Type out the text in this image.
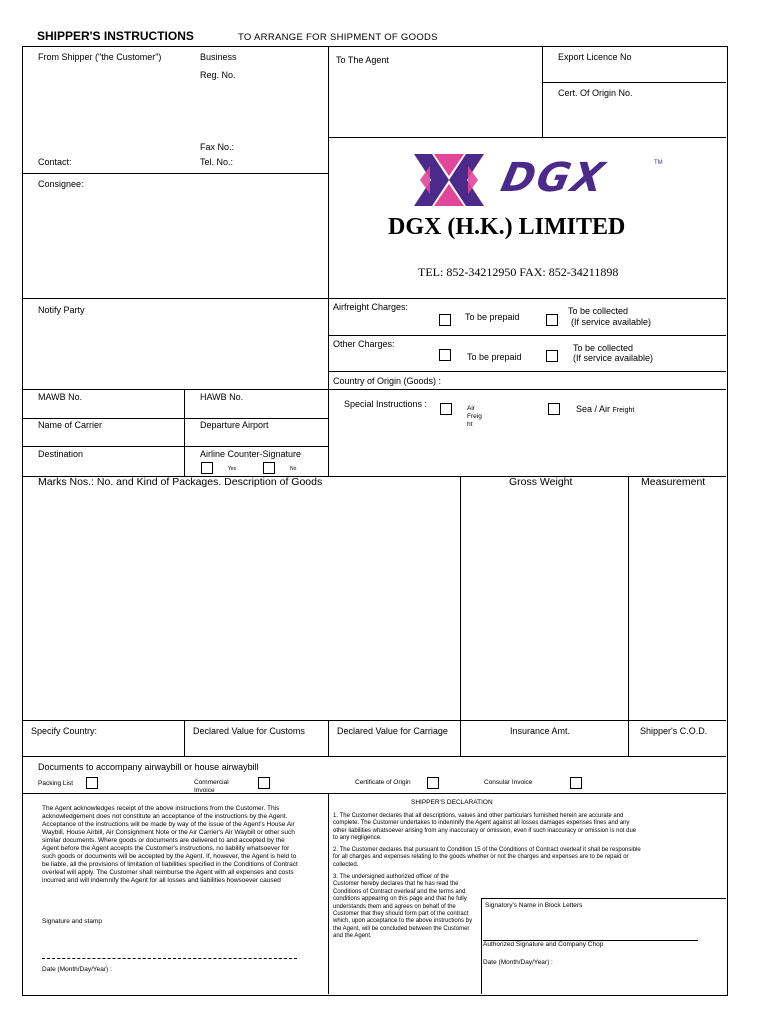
SHIPPER'S INSTRUCTIONS	TO ARRANGE FOR SHIPMENT OF GOODS
From Shipper ("the Customer")	Business
Reg. No.
Fax No.:
Contact:	Tel. No.:
To The Agent	Export Licence No
Cert. Of Origin No.
DGX	TM
DGX (H.K.) LIMITED
TEL: 852-34212950 FAX: 852-34211898
Consignee:
Notify Party	Airfreight Charges:
To be prepaid
To be collected
(If service available)
Other Charges:
To be prepaid
To be collected
(If service available)
Country of Origin (Goods) :
MAWB No.	HAWB No.
Name of Carrier	Departure Airport
Destination	Airline Counter-Signature
Yes	No
Special Instructions :	Air
Freig
ht
Sea / Air Freight
Marks Nos.: No. and Kind of Packages. Description of Goods	Gross Weight	Measurement
Specify Country:	Declared Value for Customs	Declared Value for Carriage	Insurance Amt.	Shipper's C.O.D.
Documents to accompany airwaybill or house airwaybill
Packing List	Commercial
Invoice
Certificate of Origin	Consular Invoice
The Agent acknowledges receipt of the above instructions from the Customer. This acknowledgement does not constitute an acceptance of the instructions by the Agent. Acceptance of the instructions will be made by way of the issue of the Agent's House Air Waybill, House Airbill, Air Consignment Note or the Air Carrier's Air Waybill or other such similar documents. Where goods or documents are delivered to and accepted by the Agent before the Agent accepts the Customer's instructions, no liability whatsoever for such goods or documents will be accepted by the Agent. If, however, the Agent is held to be liable, all the provisions of limitation of liabilities specified in the Conditions of Contract overleaf will apply. The Customer shall reimburse the Agent with all expenses and costs incurred and will indemnify the Agent for all losses and liabilities howsoever caused
Signature and stamp
Date (Month/Day/Year) :
SHIPPER'S DECLARATION
1. The Customer declares that all descriptions, values and other particulars furnished herein are accurate and complete. The Customer undertakes to indemnify the Agent against all losses damages expenses fines and any other liabilities whatsoever arising from any inaccuracy or omission, even if such inaccuracy or omission is not due to any negligence.
2. The Customer declares that pursuant to Condition 15 of the Conditions of Contract overleaf it shall be responsible for all charges and expenses relating to the goods whether or not the charges and expenses are to be repaid or collected.
3. The undersigned authorized officer of the Customer hereby declares that he has read the Conditions of Contract overleaf and the terms and conditions appearing on this page and that he fully understands them and agrees on behalf of the Customer that they should form part of the contract which, upon acceptance to the above instructions by the Agent, will be concluded between the Customer and the Agent.
Signatory's Name in Block Letters
Authorized Signature and Company Chop
Date (Month/Day/Year) :
